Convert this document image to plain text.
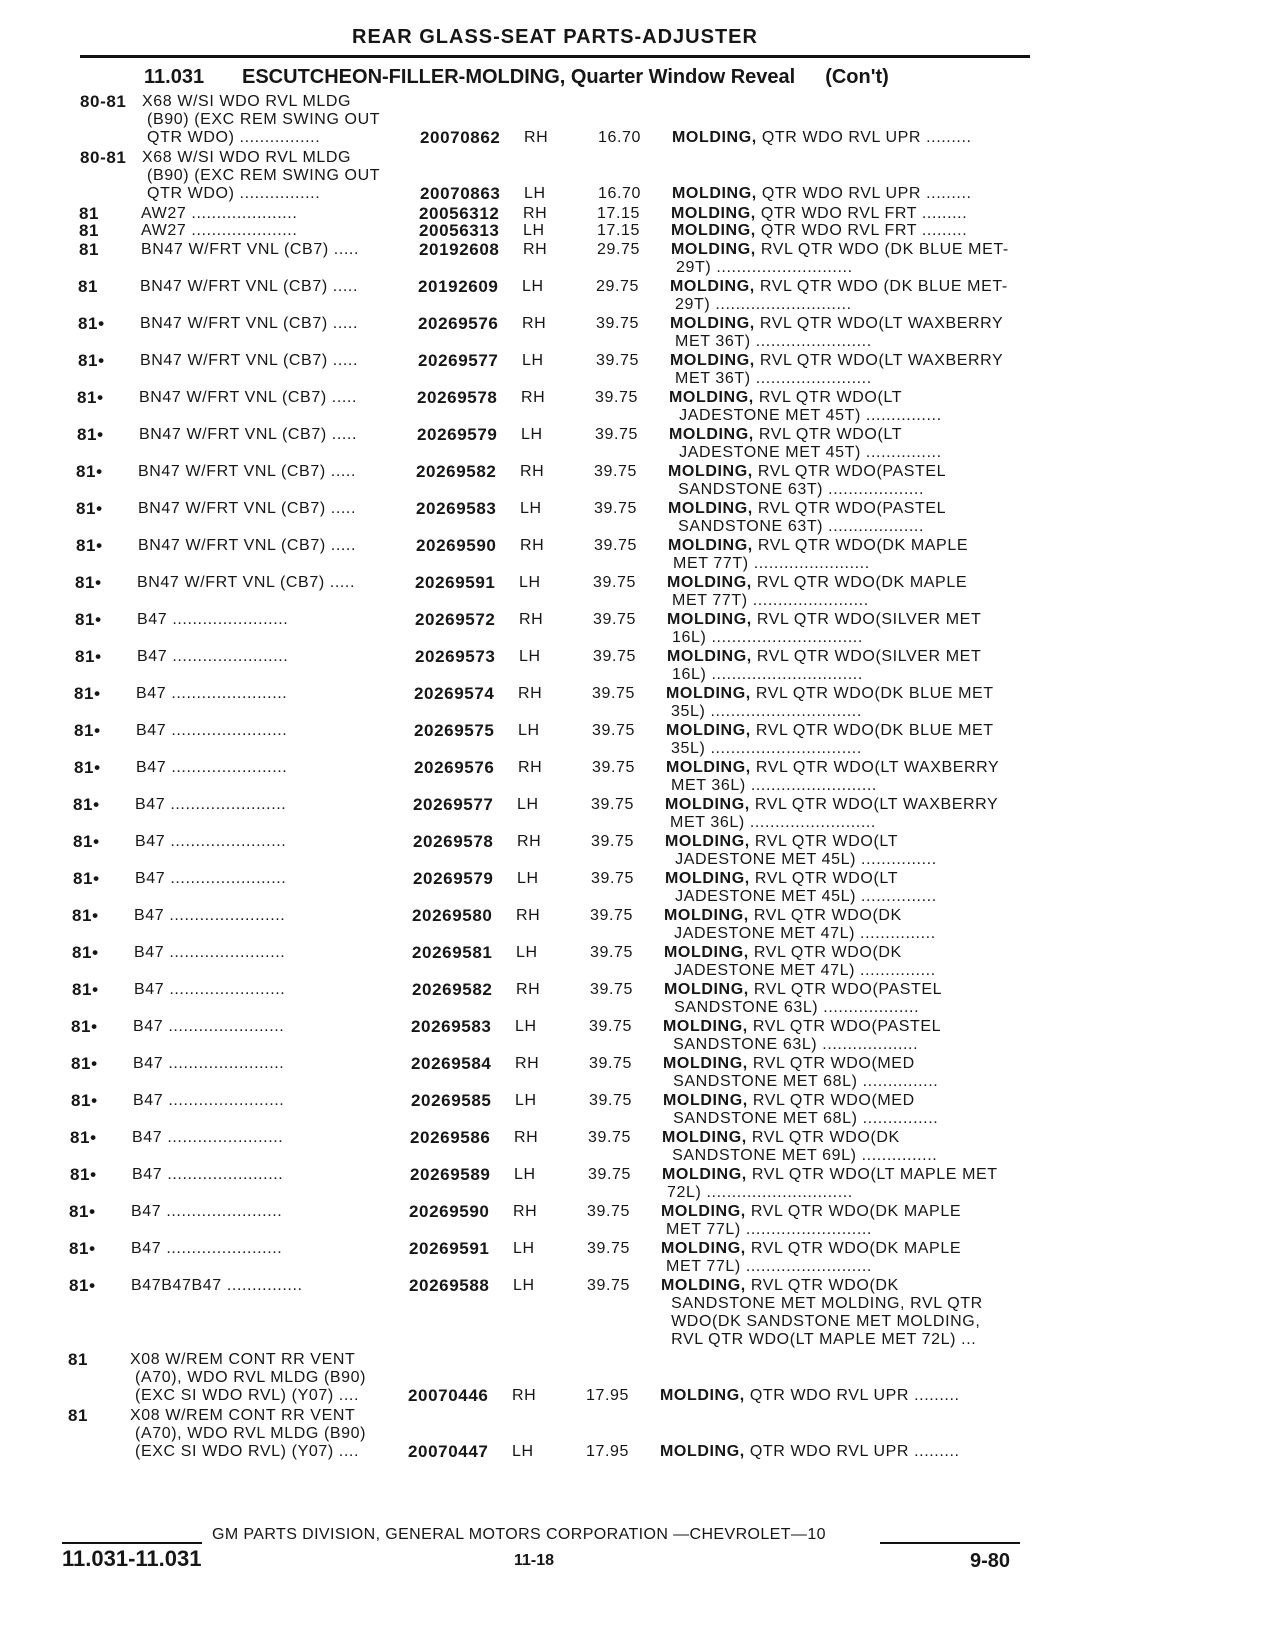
REAR GLASS-SEAT PARTS-ADJUSTER
11.031 ESCUTCHEON-FILLER-MOLDING, Quarter Window Reveal (Con't)
80-81 X68 W/SI WDO RVL MLDG
(B90) (EXC REM SWING OUT
QTR WDO) ................	20070862 RH	16.70 MOLDING, QTR WDO RVL UPR .........
80-81 X68 W/SI WDO RVL MLDG
(B90) (EXC REM SWING OUT
QTR WDO) ................	20070863 LH	16.70 MOLDING, QTR WDO RVL UPR .........
81	AW27 .....................	20056312 RH	17.15 MOLDING, QTR WDO RVL FRT .........
81	AW27 .....................	20056313 LH	17.15 MOLDING, QTR WDO RVL FRT .........
81	BN47 W/FRT VNL (CB7) .....	20192608 RH	29.75 MOLDING, RVL QTR WDO (DK BLUE MET-
29T) ...........................
81	BN47 W/FRT VNL (CB7) .....	20192609 LH	29.75 MOLDING, RVL QTR WDO (DK BLUE MET-
29T) ...........................
81• BN47 W/FRT VNL (CB7) .....	20269576 RH	39.75 MOLDING, RVL QTR WDO(LT WAXBERRY
MET 36T) .......................
81• BN47 W/FRT VNL (CB7) .....	20269577 LH	39.75 MOLDING, RVL QTR WDO(LT WAXBERRY
MET 36T) .......................
81• BN47 W/FRT VNL (CB7) .....	20269578 RH	39.75 MOLDING, RVL QTR WDO(LT
JADESTONE MET 45T) ...............
81• BN47 W/FRT VNL (CB7) .....	20269579 LH	39.75 MOLDING, RVL QTR WDO(LT
JADESTONE MET 45T) ...............
81• BN47 W/FRT VNL (CB7) .....	20269582 RH	39.75 MOLDING, RVL QTR WDO(PASTEL
SANDSTONE 63T) ...................
81• BN47 W/FRT VNL (CB7) .....	20269583 LH	39.75 MOLDING, RVL QTR WDO(PASTEL
SANDSTONE 63T) ...................
81• BN47 W/FRT VNL (CB7) .....	20269590 RH	39.75 MOLDING, RVL QTR WDO(DK MAPLE
MET 77T) .......................
81• BN47 W/FRT VNL (CB7) .....	20269591 LH	39.75 MOLDING, RVL QTR WDO(DK MAPLE
MET 77T) .......................
81• B47 .......................	20269572 RH	39.75 MOLDING, RVL QTR WDO(SILVER MET
16L) ..............................
81• B47 .......................	20269573 LH	39.75 MOLDING, RVL QTR WDO(SILVER MET
16L) ..............................
81• B47 .......................	20269574 RH	39.75 MOLDING, RVL QTR WDO(DK BLUE MET
35L) ..............................
81• B47 .......................	20269575 LH	39.75 MOLDING, RVL QTR WDO(DK BLUE MET
35L) ..............................
81• B47 .......................	20269576 RH	39.75 MOLDING, RVL QTR WDO(LT WAXBERRY
MET 36L) .........................
81• B47 .......................	20269577 LH	39.75 MOLDING, RVL QTR WDO(LT WAXBERRY
MET 36L) .........................
81• B47 .......................	20269578 RH	39.75 MOLDING, RVL QTR WDO(LT
JADESTONE MET 45L) ...............
81• B47 .......................	20269579 LH	39.75 MOLDING, RVL QTR WDO(LT
JADESTONE MET 45L) ...............
81• B47 .......................	20269580 RH	39.75 MOLDING, RVL QTR WDO(DK
JADESTONE MET 47L) ...............
81• B47 .......................	20269581 LH	39.75 MOLDING, RVL QTR WDO(DK
JADESTONE MET 47L) ...............
81• B47 .......................	20269582 RH	39.75 MOLDING, RVL QTR WDO(PASTEL
SANDSTONE 63L) ...................
81• B47 .......................	20269583 LH	39.75 MOLDING, RVL QTR WDO(PASTEL
SANDSTONE 63L) ...................
81• B47 .......................	20269584 RH	39.75 MOLDING, RVL QTR WDO(MED
SANDSTONE MET 68L) ...............
81• B47 .......................	20269585 LH	39.75 MOLDING, RVL QTR WDO(MED
SANDSTONE MET 68L) ...............
81• B47 .......................	20269586 RH	39.75 MOLDING, RVL QTR WDO(DK
SANDSTONE MET 69L) ...............
81• B47 .......................	20269589 LH	39.75 MOLDING, RVL QTR WDO(LT MAPLE MET
72L) .............................
81• B47 .......................	20269590 RH	39.75 MOLDING, RVL QTR WDO(DK MAPLE
MET 77L) .........................
81• B47 .......................	20269591 LH	39.75 MOLDING, RVL QTR WDO(DK MAPLE
MET 77L) .........................
81• B47B47B47 ...............	20269588 LH	39.75 MOLDING, RVL QTR WDO(DK
SANDSTONE MET MOLDING, RVL QTR
WDO(DK SANDSTONE MET MOLDING,
RVL QTR WDO(LT MAPLE MET 72L) ...
81	X08 W/REM CONT RR VENT
(A70), WDO RVL MLDG (B90)
(EXC SI WDO RVL) (Y07) ....	20070446 RH	17.95 MOLDING, QTR WDO RVL UPR .........
81	X08 W/REM CONT RR VENT
(A70), WDO RVL MLDG (B90)
(EXC SI WDO RVL) (Y07) ....	20070447 LH	17.95 MOLDING, QTR WDO RVL UPR .........
GM PARTS DIVISION, GENERAL MOTORS CORPORATION —CHEVROLET—10
11.031-11.031	11-18	9-80
